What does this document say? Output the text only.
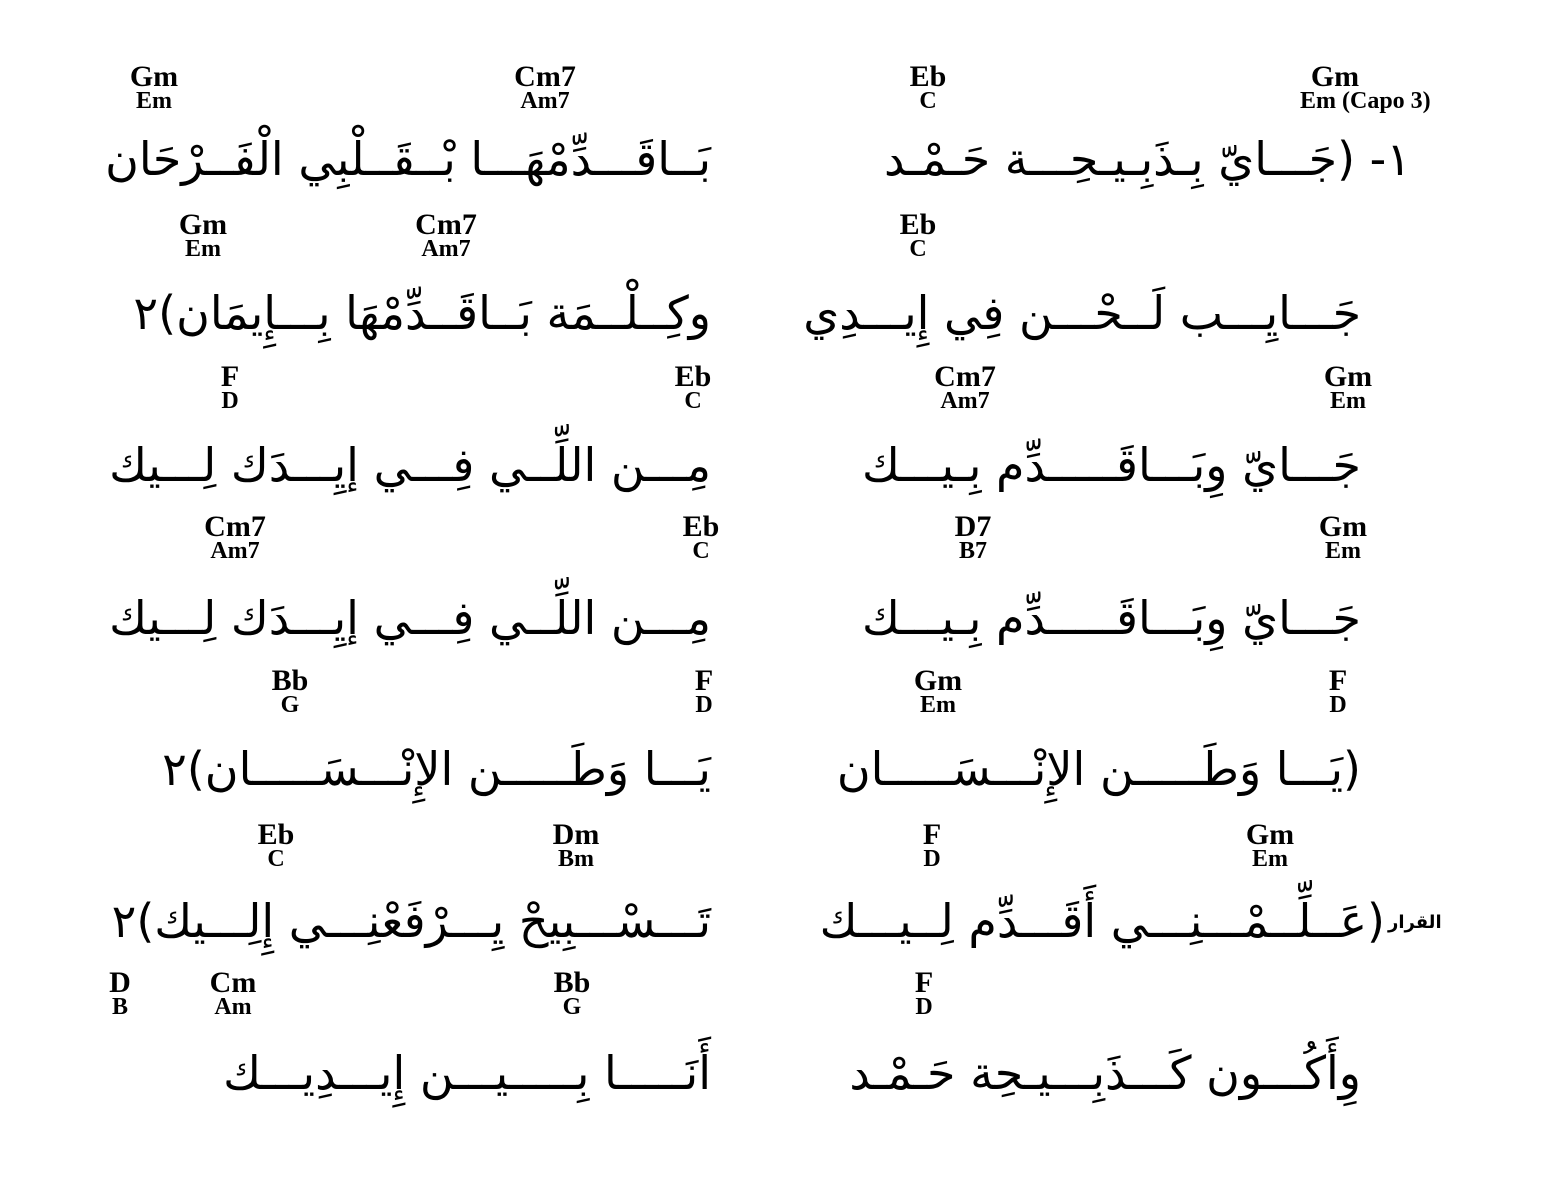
Gm
Em
Cm7
Am7
Eb
C
Gm
Em (Capo 3)
١- (جَـــايّ بِـذَبِـيـحِـــة حَـمْـد
بَــاقَـــدِّمْهَـــا بْــقَــلْبِي الْفَــرْحَان
Gm
Em
Cm7
Am7
Eb
C
جَـــايِـــب لَــحْـــن فِي إِيـــدِي
وكِــلْــمَة بَــاقَــدِّمْهَا بِـــإِيمَان)٢
F
D
Eb
C
Cm7
Am7
Gm
Em
جَـــايّ وِبَـــاقَـــــدِّم بِـيـــك
مِـــن اللِّــي فِـــي إيِـــدَك لِـــيك
Cm7
Am7
Eb
C
D7
B7
Gm
Em
جَـــايّ وِبَـــاقَـــــدِّم بِـيـــك
مِـــن اللِّــي فِـــي إيِـــدَك لِـــيك
Bb
G
F
D
Gm
Em
F
D
(يَـــا وَطَـــــن الإِنْـــسَـــــان
يَـــا وَطَـــــن الإِنْـــسَـــــان)٢
Eb
C
Dm
Bm
F
D
Gm
Em
القرار
(عَــلِّــمْـــنِـــي أَقَـــدِّم لِــيـــك
تَـــسْـــبِيحْ يِـــرْفَعْنِـــي إِلِـــيك)٢
D
B
Cm
Am
Bb
G
F
D
وِأَكُـــون كَـــذَبِـــيـحِة حَـمْـد
أَنَـــــا بِـــــيـــن إِيـــدِيـــك
